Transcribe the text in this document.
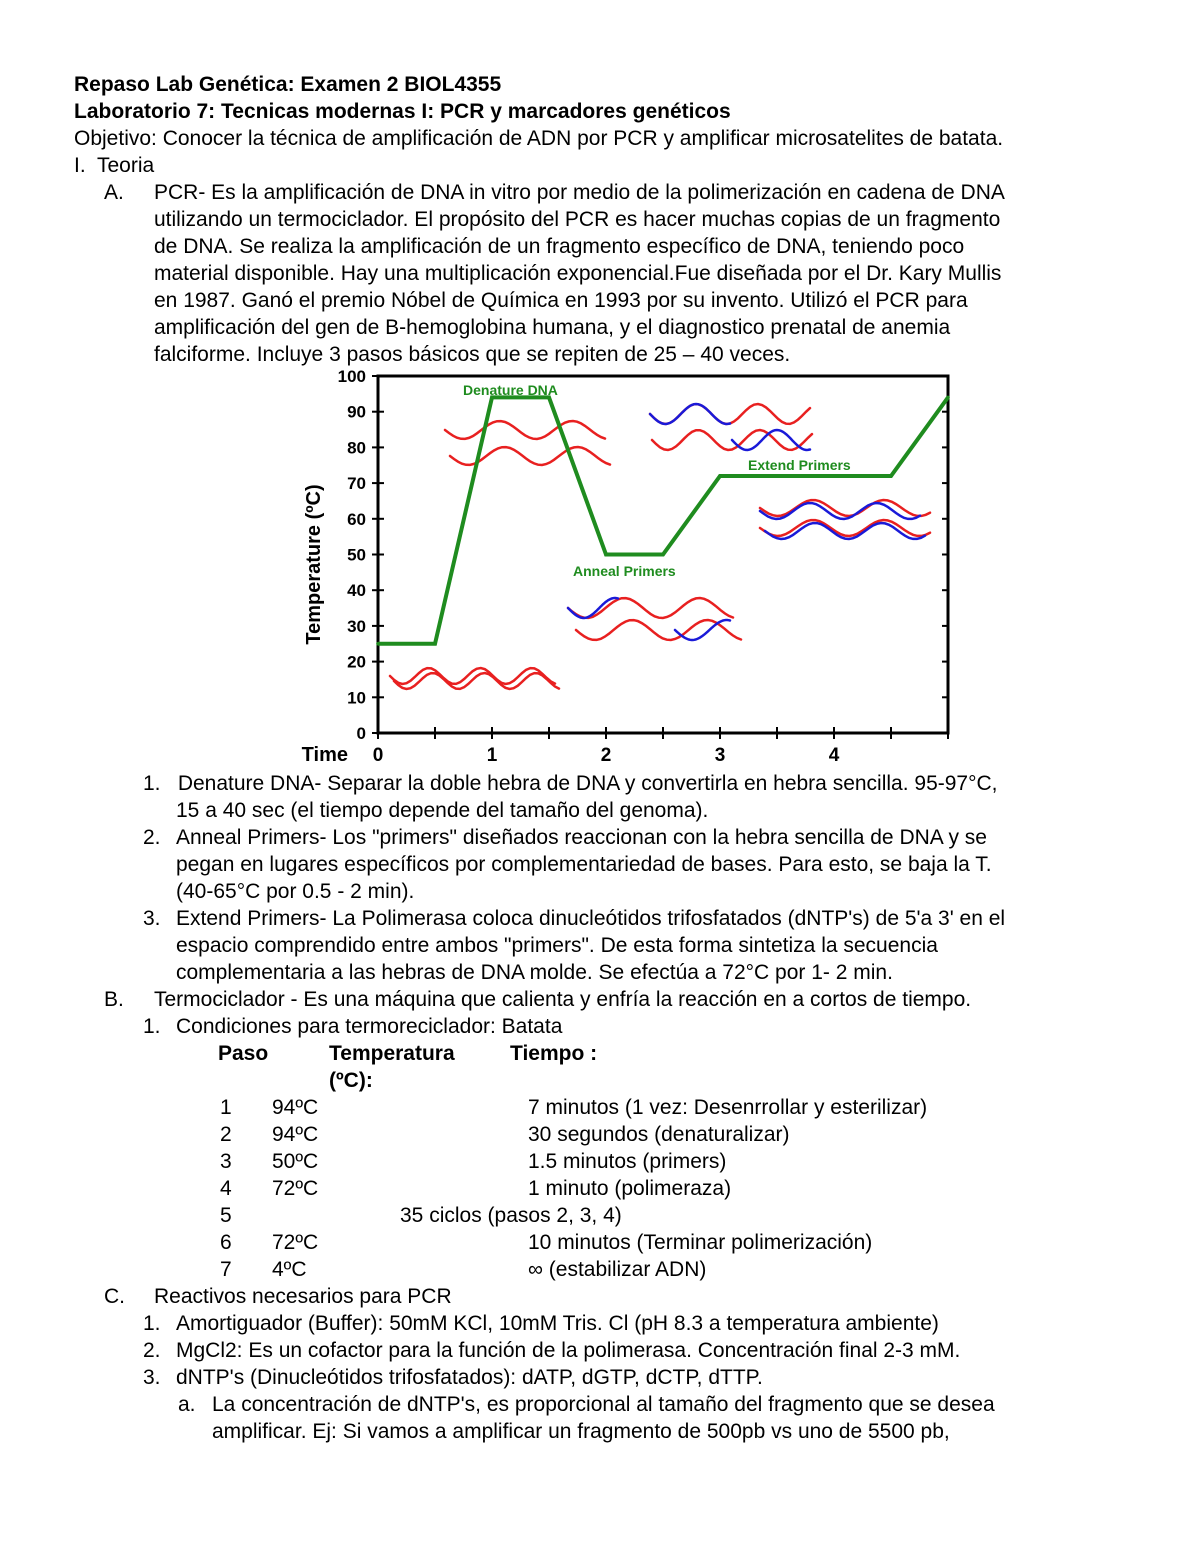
Repaso Lab Genética: Examen 2 BIOL4355
Laboratorio 7: Tecnicas modernas I: PCR y marcadores genéticos
Objetivo: Conocer la técnica de amplificación de ADN por PCR y amplificar microsatelites de batata.
I. Teoria
A. PCR- Es la amplificación de DNA in vitro por medio de la polimerización en cadena de DNA
utilizando un termociclador. El propósito del PCR es hacer muchas copias de un fragmento
de DNA. Se realiza la amplificación de un fragmento específico de DNA, teniendo poco
material disponible. Hay una multiplicación exponencial.Fue diseñada por el Dr. Kary Mullis
en 1987. Ganó el premio Nóbel de Química en 1993 por su invento. Utilizó el PCR para
amplificación del gen de B-hemoglobina humana, y el diagnostico prenatal de anemia
falciforme. Incluye 3 pasos básicos que se repiten de 25 – 40 veces.
0
10
20
30
40
50
60
70
80
90
100
0	1	2	3	4
Time
Temperature (ºC)
Denature DNA
Anneal Primers
Extend Primers
1. Denature DNA- Separar la doble hebra de DNA y convertirla en hebra sencilla. 95-97°C,
15 a 40 sec (el tiempo depende del tamaño del genoma).
2. Anneal Primers- Los "primers" diseñados reaccionan con la hebra sencilla de DNA y se
pegan en lugares específicos por complementariedad de bases. Para esto, se baja la T.
(40-65°C por 0.5 - 2 min).
3. Extend Primers- La Polimerasa coloca dinucleótidos trifosfatados (dNTP's) de 5'a 3' en el
espacio comprendido entre ambos "primers". De esta forma sintetiza la secuencia
complementaria a las hebras de DNA molde. Se efectúa a 72°C por 1- 2 min.
B. Termociclador - Es una máquina que calienta y enfría la reacción en a cortos de tiempo.
1. Condiciones para termoreciclador: Batata
Paso	Temperatura	Tiempo :
(ºC):
1 94ºC	7 minutos (1 vez: Desenrrollar y esterilizar)
2 94ºC	30 segundos (denaturalizar)
3 50ºC	1.5 minutos (primers)
4 72ºC	1 minuto (polimeraza)
5	35 ciclos (pasos 2, 3, 4)
6 72ºC	10 minutos (Terminar polimerización)
7 4ºC	∞ (estabilizar ADN)
C. Reactivos necesarios para PCR
1. Amortiguador (Buffer): 50mM KCl, 10mM Tris. Cl (pH 8.3 a temperatura ambiente)
2. MgCl2: Es un cofactor para la función de la polimerasa. Concentración final 2-3 mM.
3. dNTP's (Dinucleótidos trifosfatados): dATP, dGTP, dCTP, dTTP.
a. La concentración de dNTP's, es proporcional al tamaño del fragmento que se desea
amplificar. Ej: Si vamos a amplificar un fragmento de 500pb vs uno de 5500 pb,
